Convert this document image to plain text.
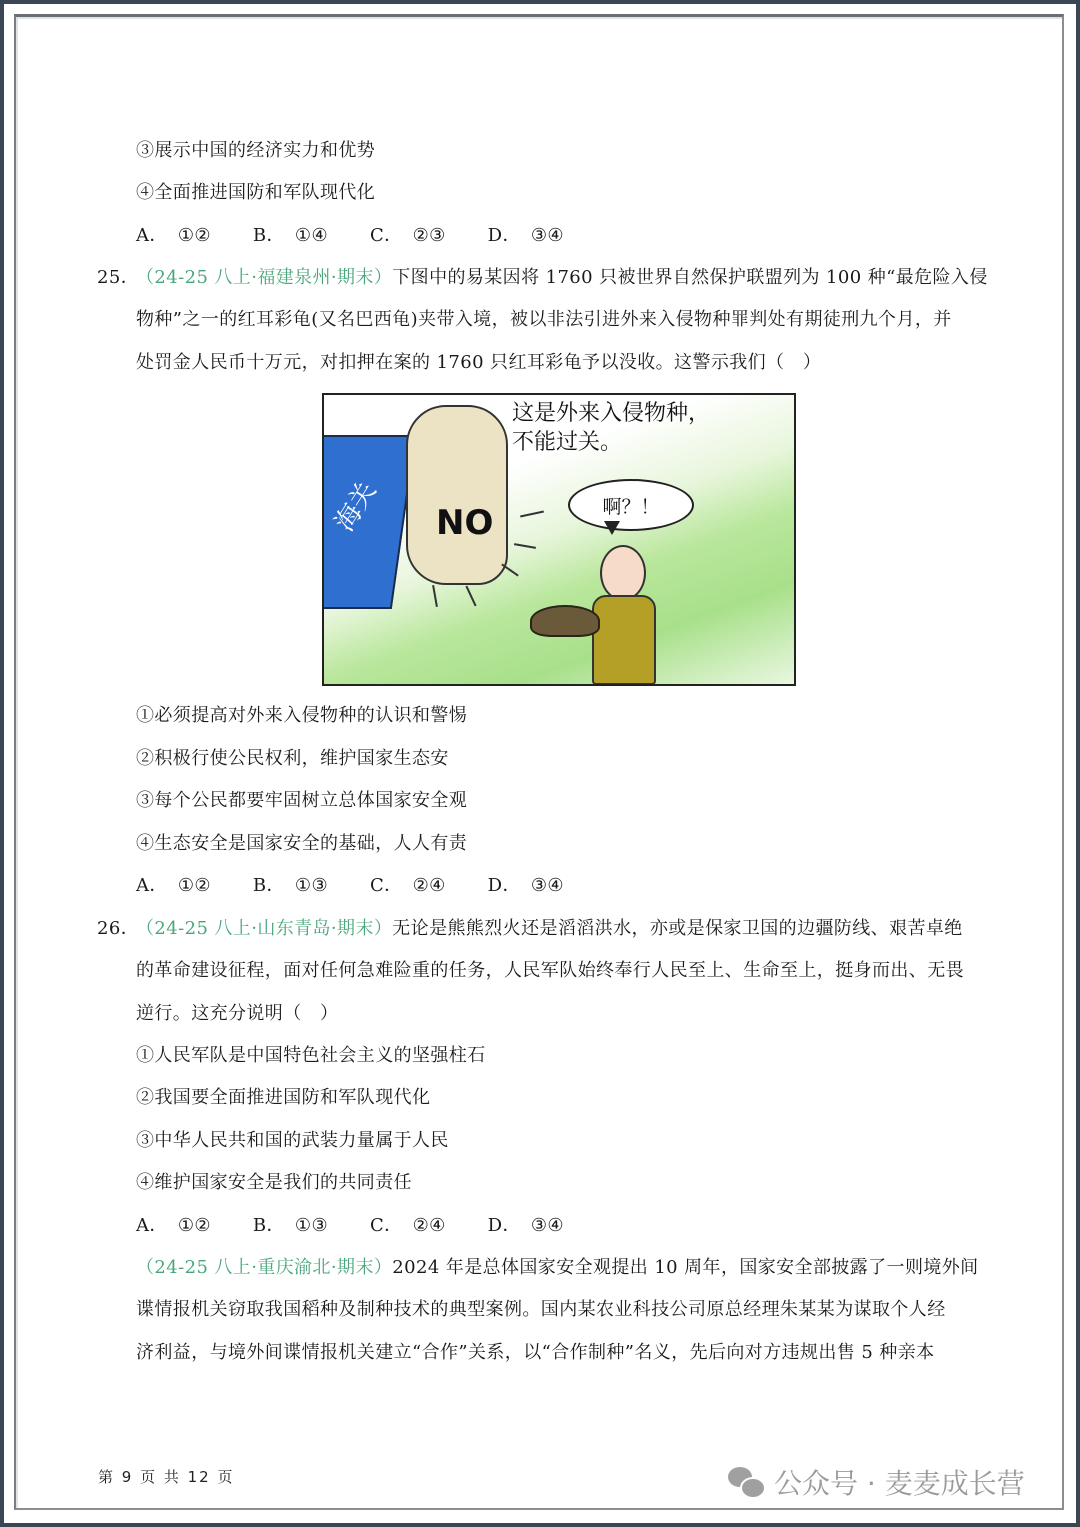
③展示中国的经济实力和优势
④全面推进国防和军队现代化
A． ①② B． ①④ C． ②③ D． ③④
25．
（24-25 八上·福建泉州·期末）下图中的易某因将 1760 只被世界自然保护联盟列为 100 种“最危险入侵
物种”之一的红耳彩龟(又名巴西龟)夹带入境，被以非法引进外来入侵物种罪判处有期徒刑九个月，并
处罚金人民币十万元，对扣押在案的 1760 只红耳彩龟予以没收。这警示我们（　）
海关 NO
这是外来入侵物种，
不能过关。
啊？！
①必须提高对外来入侵物种的认识和警惕
②积极行使公民权利，维护国家生态安
③每个公民都要牢固树立总体国家安全观
④生态安全是国家安全的基础，人人有责
A． ①② B． ①③ C． ②④ D． ③④
26．
（24-25 八上·山东青岛·期末）无论是熊熊烈火还是滔滔洪水，亦或是保家卫国的边疆防线、艰苦卓绝
的革命建设征程，面对任何急难险重的任务，人民军队始终奉行人民至上、生命至上，挺身而出、无畏
逆行。这充分说明（　）
①人民军队是中国特色社会主义的坚强柱石
②我国要全面推进国防和军队现代化
③中华人民共和国的武装力量属于人民
④维护国家安全是我们的共同责任
A． ①② B． ①③ C． ②④ D． ③④
（24-25 八上·重庆渝北·期末）2024 年是总体国家安全观提出 10 周年，国家安全部披露了一则境外间
谍情报机关窃取我国稻种及制种技术的典型案例。国内某农业科技公司原总经理朱某某为谋取个人经
济利益，与境外间谍情报机关建立“合作”关系，以“合作制种”名义，先后向对方违规出售 5 种亲本
第 9 页 共 12 页	公众号 · 麦麦成长营
